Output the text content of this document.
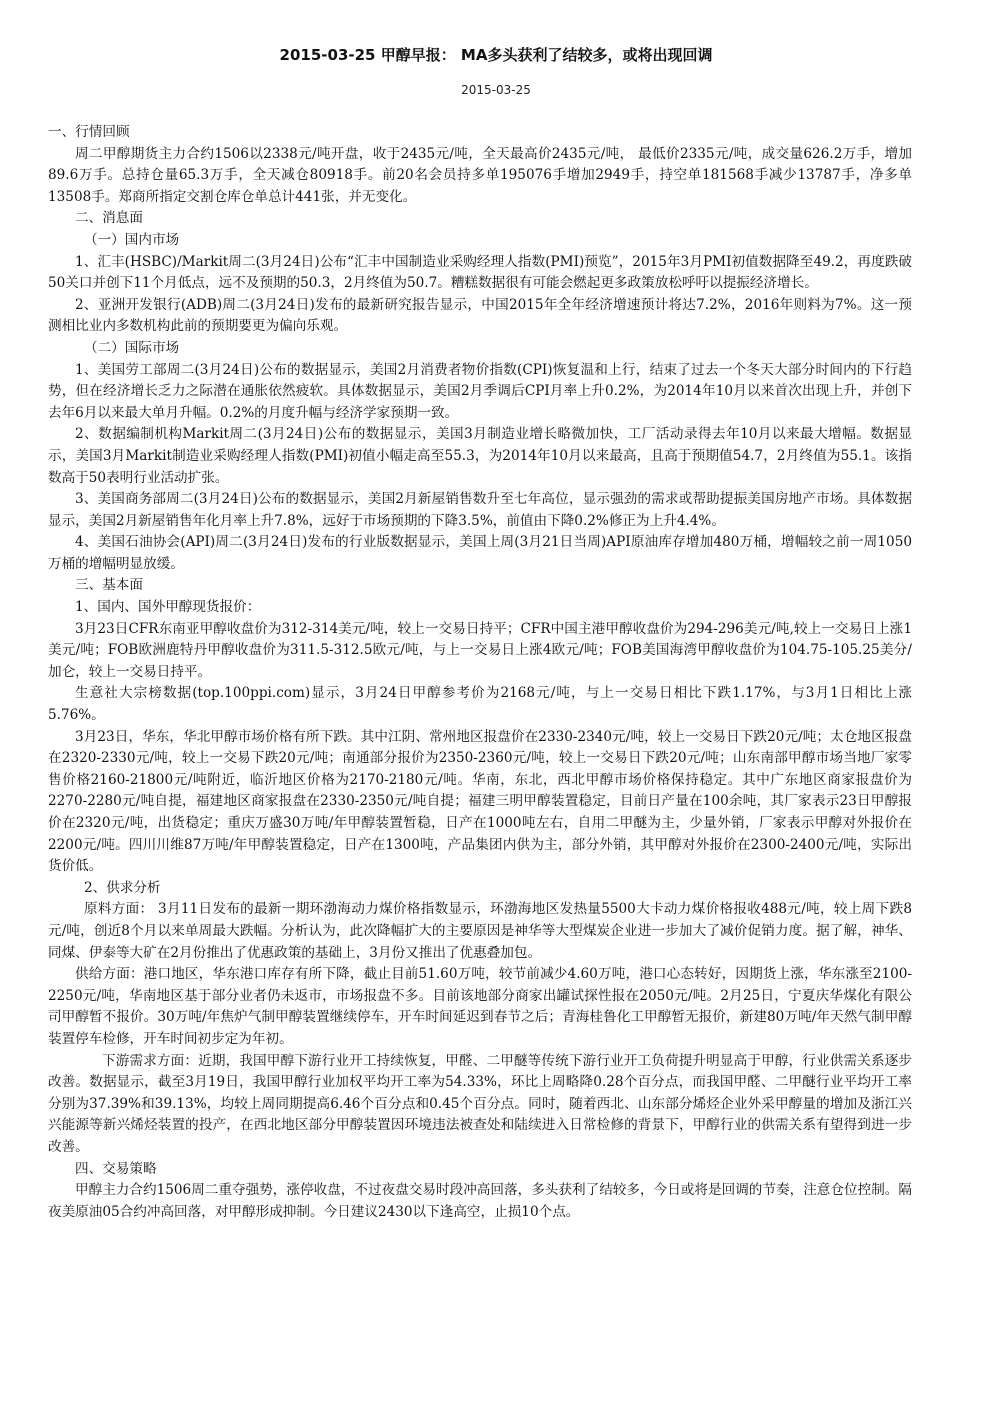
2015-03-25 甲醇早报： MA多头获利了结较多，或将出现回调
2015-03-25

一、行情回顾

周二甲醇期货主力合约1506以2338元/吨开盘，收于2435元/吨，全天最高价2435元/吨， 最低价2335元/吨，成交量626.2万手，增加89.6万手。总持仓量65.3万手，全天减仓80918手。前20名会员持多单195076手增加2949手，持空单181568手减少13787手，净多单13508手。郑商所指定交割仓库仓单总计441张，并无变化。

二、消息面

（一）国内市场

1、汇丰(HSBC)/Markit周二(3月24日)公布“汇丰中国制造业采购经理人指数(PMI)预览”，2015年3月PMI初值数据降至49.2，再度跌破50关口并创下11个月低点，远不及预期的50.3，2月终值为50.7。糟糕数据很有可能会燃起更多政策放松呼吁以提振经济增长。

2、亚洲开发银行(ADB)周二(3月24日)发布的最新研究报告显示，中国2015年全年经济增速预计将达7.2%，2016年则料为7%。这一预测相比业内多数机构此前的预期要更为偏向乐观。

（二）国际市场

1、美国劳工部周二(3月24日)公布的数据显示，美国2月消费者物价指数(CPI)恢复温和上行，结束了过去一个冬天大部分时间内的下行趋势，但在经济增长乏力之际潜在通胀依然疲软。具体数据显示，美国2月季调后CPI月率上升0.2%，为2014年10月以来首次出现上升，并创下去年6月以来最大单月升幅。0.2%的月度升幅与经济学家预期一致。

2、数据编制机构Markit周二(3月24日)公布的数据显示，美国3月制造业增长略微加快，工厂活动录得去年10月以来最大增幅。数据显示，美国3月Markit制造业采购经理人指数(PMI)初值小幅走高至55.3，为2014年10月以来最高，且高于预期值54.7，2月终值为55.1。该指数高于50表明行业活动扩张。

3、美国商务部周二(3月24日)公布的数据显示，美国2月新屋销售数升至七年高位，显示强劲的需求或帮助提振美国房地产市场。具体数据显示，美国2月新屋销售年化月率上升7.8%，远好于市场预期的下降3.5%，前值由下降0.2%修正为上升4.4%。

4、美国石油协会(API)周二(3月24日)发布的行业版数据显示，美国上周(3月21日当周)API原油库存增加480万桶，增幅较之前一周1050万桶的增幅明显放缓。

三、基本面

1、国内、国外甲醇现货报价：

3月23日CFR东南亚甲醇收盘价为312-314美元/吨，较上一交易日持平；CFR中国主港甲醇收盘价为294-296美元/吨,较上一交易日上涨1美元/吨；FOB欧洲鹿特丹甲醇收盘价为311.5-312.5欧元/吨，与上一交易日上涨4欧元/吨；FOB美国海湾甲醇收盘价为104.75-105.25美分/加仑，较上一交易日持平。

生意社大宗榜数据(top.100ppi.com)显示，3月24日甲醇参考价为2168元/吨，与上一交易日相比下跌1.17%，与3月1日相比上涨5.76%。

3月23日，华东，华北甲醇市场价格有所下跌。其中江阴、常州地区报盘价在2330-2340元/吨，较上一交易日下跌20元/吨；太仓地区报盘在2320-2330元/吨，较上一交易下跌20元/吨；南通部分报价为2350-2360元/吨，较上一交易日下跌20元/吨；山东南部甲醇市场当地厂家零售价格2160-21800元/吨附近，临沂地区价格为2170-2180元/吨。华南，东北，西北甲醇市场价格保持稳定。其中广东地区商家报盘价为2270-2280元/吨自提，福建地区商家报盘在2330-2350元/吨自提；福建三明甲醇装置稳定，目前日产量在100余吨，其厂家表示23日甲醇报价在2320元/吨，出货稳定；重庆万盛30万吨/年甲醇装置暂稳，日产在1000吨左右，自用二甲醚为主，少量外销，厂家表示甲醇对外报价在2200元/吨。四川川维87万吨/年甲醇装置稳定，日产在1300吨，产品集团内供为主，部分外销，其甲醇对外报价在2300-2400元/吨，实际出货价低。

2、供求分析

原料方面： 3月11日发布的最新一期环渤海动力煤价格指数显示，环渤海地区发热量5500大卡动力煤价格报收488元/吨，较上周下跌8元/吨，创近8个月以来单周最大跌幅。分析认为，此次降幅扩大的主要原因是神华等大型煤炭企业进一步加大了减价促销力度。据了解，神华、同煤、伊泰等大矿在2月份推出了优惠政策的基础上，3月份又推出了优惠叠加包。

供给方面：港口地区，华东港口库存有所下降，截止目前51.60万吨，较节前减少4.60万吨，港口心态转好，因期货上涨，华东涨至2100-2250元/吨，华南地区基于部分业者仍未返市，市场报盘不多。目前该地部分商家出罐试探性报在2050元/吨。2月25日，宁夏庆华煤化有限公司甲醇暂不报价。30万吨/年焦炉气制甲醇装置继续停车，开车时间延迟到春节之后；青海桂鲁化工甲醇暂无报价，新建80万吨/年天然气制甲醇装置停车检修，开车时间初步定为年初。

下游需求方面：近期，我国甲醇下游行业开工持续恢复，甲醛、二甲醚等传统下游行业开工负荷提升明显高于甲醇，行业供需关系逐步改善。数据显示，截至3月19日，我国甲醇行业加权平均开工率为54.33%，环比上周略降0.28个百分点，而我国甲醛、二甲醚行业平均开工率分别为37.39%和39.13%，均较上周同期提高6.46个百分点和0.45个百分点。同时，随着西北、山东部分烯烃企业外采甲醇量的增加及浙江兴兴能源等新兴烯烃装置的投产，在西北地区部分甲醇装置因环境违法被查处和陆续进入日常检修的背景下，甲醇行业的供需关系有望得到进一步改善。

四、交易策略

甲醇主力合约1506周二重夺强势，涨停收盘，不过夜盘交易时段冲高回落，多头获利了结较多，今日或将是回调的节奏，注意仓位控制。隔夜美原油05合约冲高回落，对甲醇形成抑制。今日建议2430以下逢高空，止损10个点。
